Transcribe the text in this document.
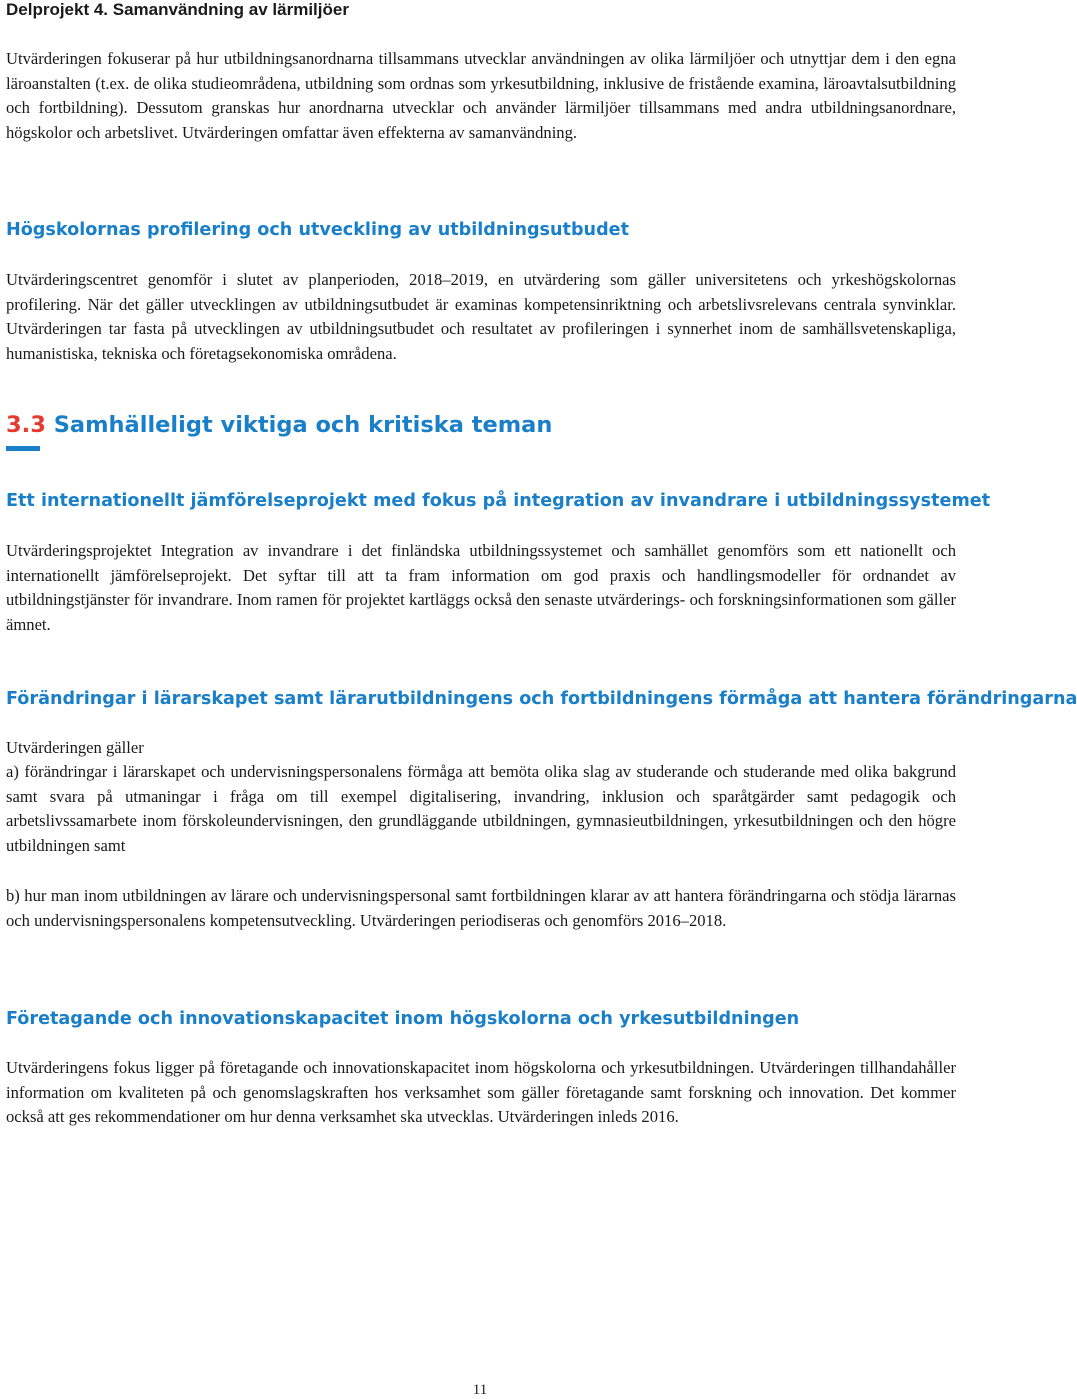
Delprojekt 4. Samanvändning av lärmiljöer

Utvärderingen fokuserar på hur utbildningsanordnarna tillsammans utvecklar användningen av olika lärmiljöer och utnyttjar dem i den egna läroanstalten (t.ex. de olika studieområdena, utbildning som ordnas som yrkesutbildning, inklusive de fristående examina, läroavtalsutbildning och fortbildning). Dessutom granskas hur anordnarna utvecklar och använder lärmiljöer tillsammans med andra utbildningsanordnare, högskolor och arbetslivet. Utvärderingen omfattar även effekterna av samanvändning.

Högskolornas profilering och utveckling av utbildningsutbudet

Utvärderingscentret genomför i slutet av planperioden, 2018–2019, en utvärdering som gäller universitetens och yrkeshögskolornas profilering. När det gäller utvecklingen av utbildningsutbudet är examinas kompetensinriktning och arbetslivsrelevans centrala synvinklar. Utvärderingen tar fasta på utvecklingen av utbildningsutbudet och resultatet av profileringen i synnerhet inom de samhällsvetenskapliga, humanistiska, tekniska och företagsekonomiska områdena.

3.3 Samhälleligt viktiga och kritiska teman
Ett internationellt jämförelseprojekt med fokus på integration av invandrare i utbildningssystemet

Utvärderingsprojektet Integration av invandrare i det finländska utbildningssystemet och samhället genomförs som ett nationellt och internationellt jämförelseprojekt. Det syftar till att ta fram information om god praxis och handlingsmodeller för ordnandet av utbildningstjänster för invandrare. Inom ramen för projektet kartläggs också den senaste utvärderings- och forskningsinformationen som gäller ämnet.

Förändringar i lärarskapet samt lärarutbildningens och fortbildningens förmåga att hantera förändringarna

Utvärderingen gäller

a) förändringar i lärarskapet och undervisningspersonalens förmåga att bemöta olika slag av studerande och studerande med olika bakgrund samt svara på utmaningar i fråga om till exempel digitalisering, invandring, inklusion och sparåtgärder samt pedagogik och arbetslivssamarbete inom förskoleundervisningen, den grundläggande utbildningen, gymnasieutbildningen, yrkesutbildningen och den högre utbildningen samt

b) hur man inom utbildningen av lärare och undervisningspersonal samt fortbildningen klarar av att hantera förändringarna och stödja lärarnas och undervisningspersonalens kompetensutveckling. Utvärderingen periodiseras och genomförs 2016–2018.

Företagande och innovationskapacitet inom högskolorna och yrkesutbildningen

Utvärderingens fokus ligger på företagande och innovationskapacitet inom högskolorna och yrkesutbildningen. Utvärderingen tillhandahåller information om kvaliteten på och genomslagskraften hos verksamhet som gäller företagande samt forskning och innovation. Det kommer också att ges rekommendationer om hur denna verksamhet ska utvecklas. Utvärderingen inleds 2016.

11
